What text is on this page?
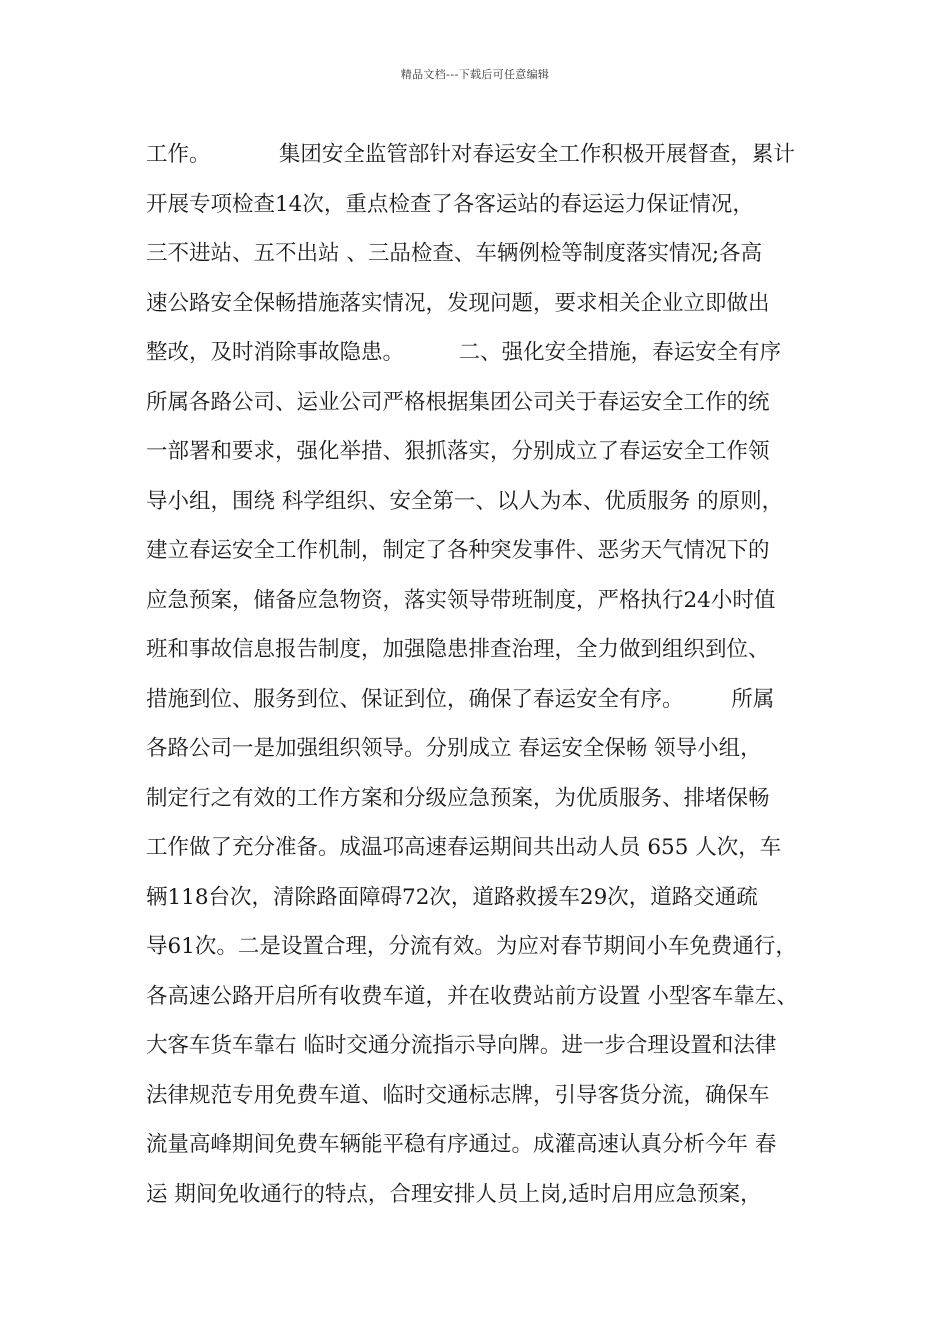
精品文档---下载后可任意编辑
工作。          集团安全监管部针对春运安全工作积极开展督查，累计
开展专项检查14次，重点检查了各客运站的春运运力保证情况，
三不进站、五不出站 、三品检查、车辆例检等制度落实情况;各高
速公路安全保畅措施落实情况，发现问题，要求相关企业立即做出
整改，及时消除事故隐患。        二、强化安全措施，春运安全有序
所属各路公司、运业公司严格根据集团公司关于春运安全工作的统
一部署和要求，强化举措、狠抓落实，分别成立了春运安全工作领
导小组，围绕 科学组织、安全第一、以人为本、优质服务 的原则，
建立春运安全工作机制，制定了各种突发事件、恶劣天气情况下的
应急预案，储备应急物资，落实领导带班制度，严格执行24小时值
班和事故信息报告制度，加强隐患排查治理，全力做到组织到位、
措施到位、服务到位、保证到位，确保了春运安全有序。       所属
各路公司一是加强组织领导。分别成立 春运安全保畅 领导小组，
制定行之有效的工作方案和分级应急预案，为优质服务、排堵保畅
工作做了充分准备。成温邛高速春运期间共出动人员 655 人次，车
辆118台次，清除路面障碍72次，道路救援车29次，道路交通疏
导61次。二是设置合理，分流有效。为应对春节期间小车免费通行，
各高速公路开启所有收费车道，并在收费站前方设置 小型客车靠左、
大客车货车靠右 临时交通分流指示导向牌。进一步合理设置和法律
法律规范专用免费车道、临时交通标志牌，引导客货分流，确保车
流量高峰期间免费车辆能平稳有序通过。成灌高速认真分析今年 春
运 期间免收通行的特点，合理安排人员上岗,适时启用应急预案，
